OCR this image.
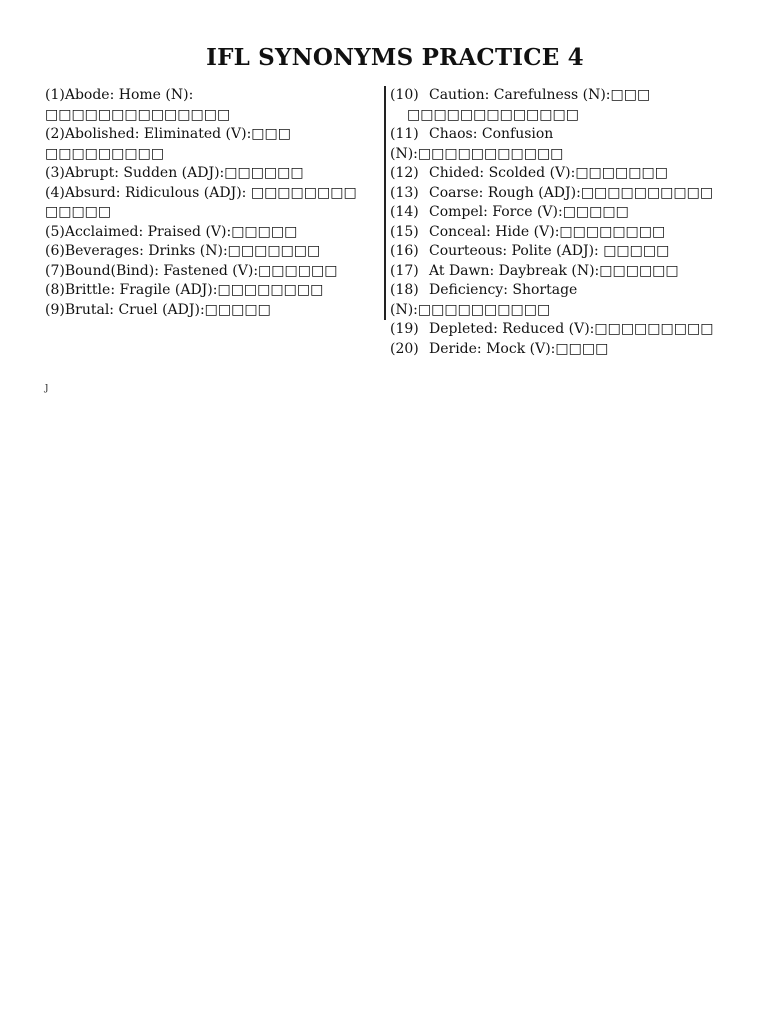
IFL SYNONYMS PRACTICE 4
(1)Abode: Home (N): □□□□□□□□□□□□□□
(2)Abolished: Eliminated (V):□□□
□□□□□□□□□
(3)Abrupt: Sudden (ADJ):□□□□□□
(4)Absurd: Ridiculous (ADJ): □□□□□□□□
□□□□□
(5)Acclaimed: Praised (V):□□□□□
(6)Beverages: Drinks (N):□□□□□□□
(7)Bound(Bind): Fastened (V):□□□□□□
(8)Brittle: Fragile (ADJ):□□□□□□□□
(9)Brutal: Cruel (ADJ):□□□□□
(10) Caution: Carefulness (N):□□□
□□□□□□□□□□□□□
(11) Chaos: Confusion (N):□□□□□□□□□□□
(12) Chided: Scolded (V):□□□□□□□
(13) Coarse: Rough (ADJ):□□□□□□□□□□
(14) Compel: Force (V):□□□□□
(15) Conceal: Hide (V):□□□□□□□□
(16) Courteous: Polite (ADJ): □□□□□
(17) At Dawn: Daybreak (N):□□□□□□
(18) Deficiency: Shortage (N):□□□□□□□□□□
(19) Depleted: Reduced (V):□□□□□□□□□
(20) Deride: Mock (V):□□□□
ȷ
